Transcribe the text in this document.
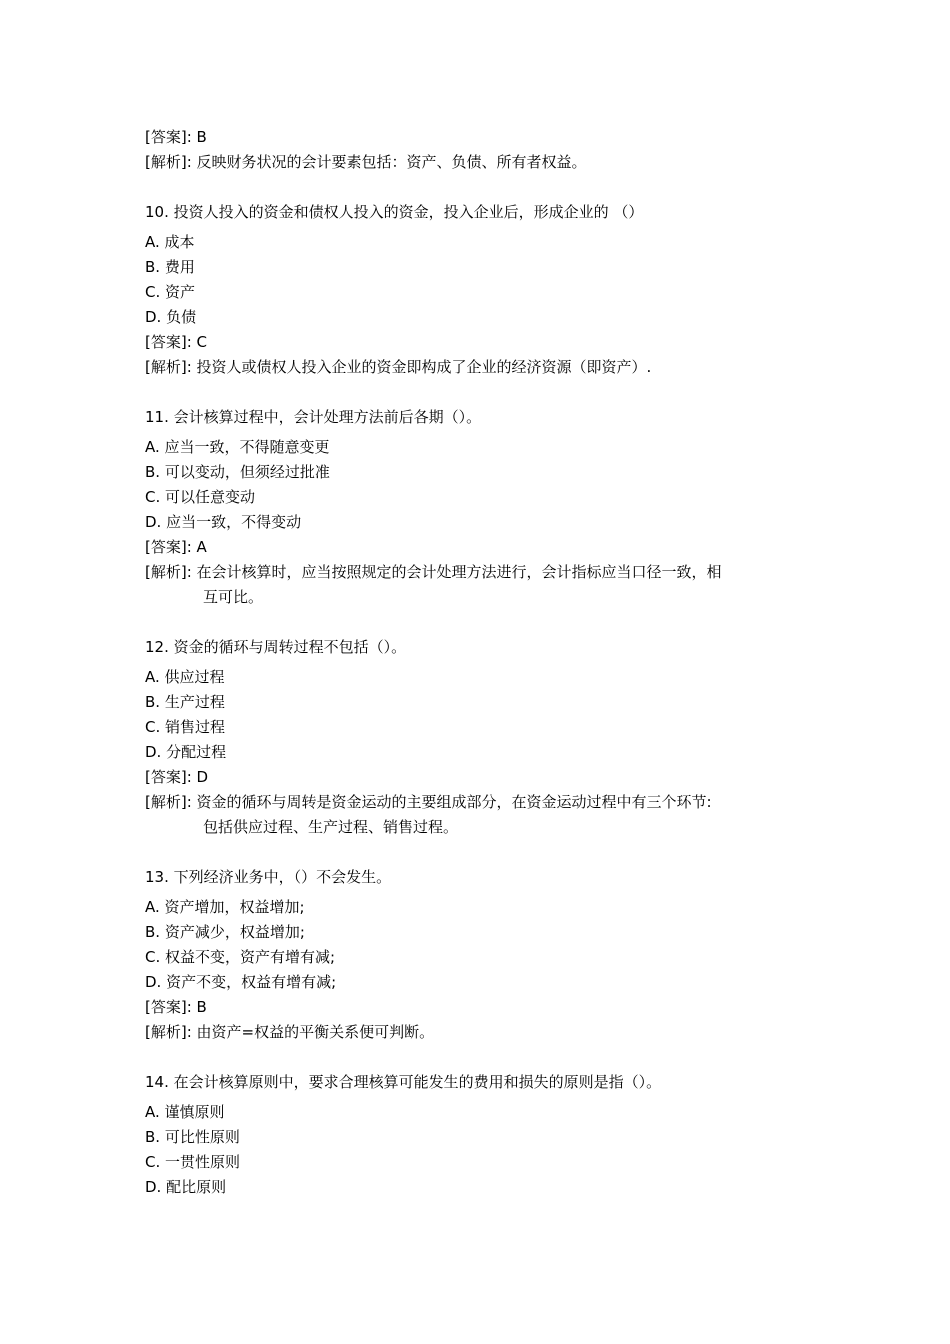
[答案]: B
[解析]: 反映财务状况的会计要素包括：资产、负债、所有者权益。
10. 投资人投入的资金和债权人投入的资金，投入企业后，形成企业的 （）
A. 成本
B. 费用
C. 资产
D. 负债
[答案]: C
[解析]: 投资人或债权人投入企业的资金即构成了企业的经济资源（即资产）.
11. 会计核算过程中，会计处理方法前后各期（）。
A. 应当一致，不得随意变更
B. 可以变动，但须经过批准
C. 可以任意变动
D. 应当一致，不得变动
[答案]: A
[解析]: 在会计核算时，应当按照规定的会计处理方法进行，会计指标应当口径一致，相
互可比。
12. 资金的循环与周转过程不包括（）。
A. 供应过程
B. 生产过程
C. 销售过程
D. 分配过程
[答案]: D
[解析]: 资金的循环与周转是资金运动的主要组成部分，在资金运动过程中有三个环节:
包括供应过程、生产过程、销售过程。
13. 下列经济业务中，（）不会发生。
A. 资产增加，权益增加;
B. 资产减少，权益增加;
C. 权益不变，资产有增有减;
D. 资产不变，权益有增有减;
[答案]: B
[解析]: 由资产=权益的平衡关系便可判断。
14. 在会计核算原则中，要求合理核算可能发生的费用和损失的原则是指（）。
A. 谨慎原则
B. 可比性原则
C. 一贯性原则
D. 配比原则
